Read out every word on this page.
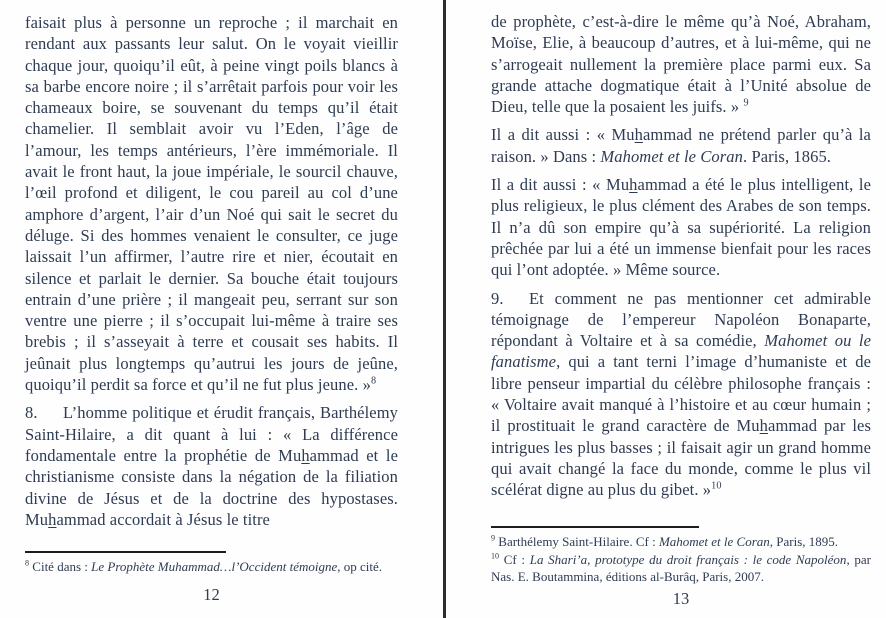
faisait plus à personne un reproche ; il marchait en rendant aux passants leur salut. On le voyait vieillir chaque jour, quoiqu’il eût, à peine vingt poils blancs à sa barbe encore noire ; il s’arrêtait parfois pour voir les chameaux boire, se souvenant du temps qu’il était chamelier. Il semblait avoir vu l’Eden, l’âge de l’amour, les temps antérieurs, l’ère immémoriale. Il avait le front haut, la joue impériale, le sourcil chauve, l’œil profond et diligent, le cou pareil au col d’une amphore d’argent, l’air d’un Noé qui sait le secret du déluge. Si des hommes venaient le consulter, ce juge laissait l’un affirmer, l’autre rire et nier, écoutait en silence et parlait le dernier. Sa bouche était toujours entrain d’une prière ; il mangeait peu, serrant sur son ventre une pierre ; il s’occupait lui-même à traire ses brebis ; il s’asseyait à terre et cousait ses habits. Il jeûnait plus longtemps qu’autrui les jours de jeûne, quoiqu’il perdit sa force et qu’il ne fut plus jeune. »$^8$

8. L’homme politique et érudit français, Barthélemy Saint-Hilaire, a dit quant à lui : « La différence fondamentale entre la prophétie de Muhammad et le christianisme consiste dans la négation de la filiation divine de Jésus et de la doctrine des hypostases. Muhammad accordait à Jésus le titre

$^8$ Cité dans : Le Prophète Muhammad…l’Occident témoigne, op cité.

12

de prophète, c’est-à-dire le même qu’à Noé, Abraham, Moïse, Elie, à beaucoup d’autres, et à lui-même, qui ne s’arrogeait nullement la première place parmi eux. Sa grande attache dogmatique était à l’Unité absolue de Dieu, telle que la posaient les juifs. » $^9$

Il a dit aussi : « Muhammad ne prétend parler qu’à la raison. » Dans : Mahomet et le Coran. Paris, 1865.

Il a dit aussi : « Muhammad a été le plus intelligent, le plus religieux, le plus clément des Arabes de son temps. Il n’a dû son empire qu’à sa supériorité. La religion prêchée par lui a été un immense bienfait pour les races qui l’ont adoptée. » Même source.

9. Et comment ne pas mentionner cet admirable témoignage de l’empereur Napoléon Bonaparte, répondant à Voltaire et à sa comédie, Mahomet ou le fanatisme, qui a tant terni l’image d’humaniste et de libre penseur impartial du célèbre philosophe français : « Voltaire avait manqué à l’histoire et au cœur humain ; il prostituait le grand caractère de Muhammad par les intrigues les plus basses ; il faisait agir un grand homme qui avait changé la face du monde, comme le plus vil scélérat digne au plus du gibet. »$^{10}$

$^9$ Barthélemy Saint-Hilaire. Cf : Mahomet et le Coran, Paris, 1895.

$^{10}$ Cf : La Shari’a, prototype du droit français : le code Napoléon, par Nas. E. Boutammina, éditions al-Burâq, Paris, 2007.

13
